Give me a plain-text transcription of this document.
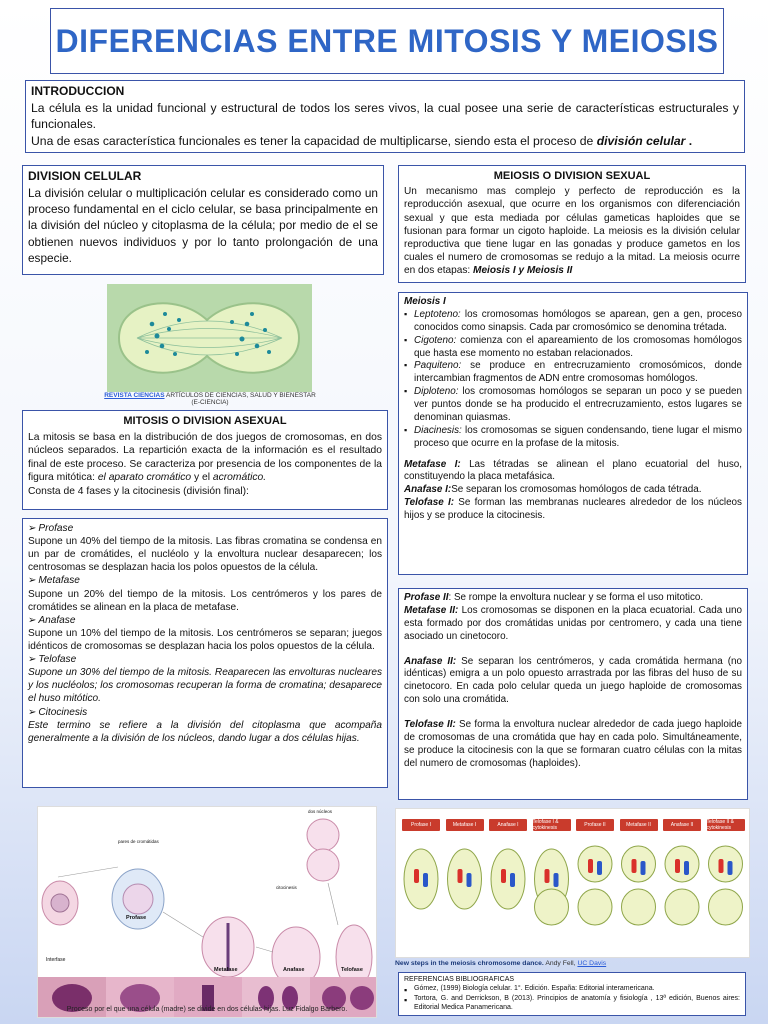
DIFERENCIAS ENTRE MITOSIS Y MEIOSIS
INTRODUCCION

La célula es la unidad funcional y estructural de todos los seres vivos, la cual posee una serie de características estructurales y funcionales.

Una de esas característica funcionales es tener la capacidad de multiplicarse, siendo esta el proceso de división celular .

DIVISION CELULAR

La división celular o multiplicación celular es considerado como un proceso fundamental en el ciclo celular, se basa principalmente en la división del núcleo y citoplasma de la célula; por medio de el se obtienen nuevos individuos y por lo tanto prolongación de una especie.

REVISTA CIENCIAS ARTÍCULOS DE CIENCIAS, SALUD Y BIENESTAR (E-CIENCIA)
MITOSIS O DIVISION ASEXUAL

La mitosis se basa en la distribución de dos juegos de cromosomas, en dos núcleos separados. La repartición exacta de la información es el resultado final de este proceso. Se caracteriza por presencia de los componentes de la figura mitótica: el aparato cromático y el acromático.

Consta de 4 fases y la citocinesis (división final):

➢ Profase

Supone un 40% del tiempo de la mitosis. Las fibras cromatina se condensa en un par de cromátides, el nucléolo y la envoltura nuclear desaparecen; los centrosomas se desplazan hacia los polos opuestos de la célula.

➢ Metafase

Supone un 20% del tiempo de la mitosis. Los centrómeros y los pares de cromátides se alinean en la placa de metafase.

➢ Anafase

Supone un 10% del tiempo de la mitosis. Los centrómeros se separan; juegos idénticos de cromosomas se desplazan hacia los polos opuestos de la célula.

➢ Telofase

Supone un 30% del tiempo de la mitosis. Reaparecen las envolturas nucleares y los nucléolos; los cromosomas recuperan la forma de cromatina; desaparece el huso mitótico.

➢ Citocinesis

Este termino se refiere a la división del citoplasma que acompaña generalmente a la división de los núcleos, dando lugar a dos células hijas.

pares de cromátidas
dos núcleos
citocinesis
Interfase
Profase
Metafase	Anafase	Telofase
Proceso por el que una célula (madre) se divide en dos células hijas. Luz Fidalgo Barbero.
MEIOSIS O DIVISION SEXUAL

Un mecanismo mas complejo y perfecto de reproducción es la reproducción asexual, que ocurre en los organismos con diferenciación sexual y que esta mediada por células gameticas haploides que se fusionan para formar un cigoto haploide. La meiosis es la división celular reproductiva que tiene lugar en las gonadas y produce gametos en los cuales el numero de cromosomas se redujo a la mitad. La meiosis ocurre en dos etapas: Meiosis I y Meiosis II

Meiosis I
▪ Leptoteno: los cromosomas homólogos se aparean, gen a gen, proceso conocidos como sinapsis. Cada par cromosómico se denomina trétada.
▪ Cigoteno: comienza con el apareamiento de los cromosomas homólogos que hasta ese momento no estaban relacionados.
▪ Paquiteno: se produce en entrecruzamiento cromosómicos, donde intercambian fragmentos de ADN entre cromosomas homólogos.
▪ Diploteno: los cromosomas homólogos se separan un poco y se pueden ver puntos donde se ha producido el entrecruzamiento, estos lugares se denominan quiasmas.
▪ Diacinesis: los cromosomas se siguen condensando, tiene lugar el mismo proceso que ocurre en la profase de la mitosis.

Metafase I: Las tétradas se alinean el plano ecuatorial del huso, constituyendo la placa metafásica.

Anafase I:Se separan los cromosomas homólogos de cada tétrada.

Telofase I: Se forman las membranas nucleares alrededor de los núcleos hijos y se produce la citocinesis.

Profase II: Se rompe la envoltura nuclear y se forma el uso mitotico.

Metafase II: Los cromosomas se disponen en la placa ecuatorial. Cada uno esta formado por dos cromátidas unidas por centromero, y cada una tiene asociado un cinetocoro.

Anafase II: Se separan los centrómeros, y cada cromátida hermana (no idénticas) emigra a un polo opuesto arrastrada por las fibras del huso de su cinetocoro. En cada polo celular queda un juego haploide de cromosomas con solo una cromátida.

Telofase II: Se forma la envoltura nuclear alrededor de cada juego haploide de cromosomas de una cromátida que hay en cada polo. Simultáneamente, se produce la citocinesis con la que se formaran cuatro células con la mitas del numero de cromosomas (haploides).

Profase I	Metafase I	Anafase I	Telofase I & cytokinesis	Profase II	Metafase II	Anafase II	Telofase II & cytokinesis
New steps in the meiosis chromosome dance. Andy Fell, UC Davis
REFERENCIAS BIBLIOGRAFICAS
▪ Gómez, (1999) Biología celular. 1°. Edición. España: Editorial interamericana.
▪ Tortora, G. and Derrickson, B (2013). Principios de anatomía y fisiología , 13ª edición, Buenos aires: Editorial Medica Panamericana.
